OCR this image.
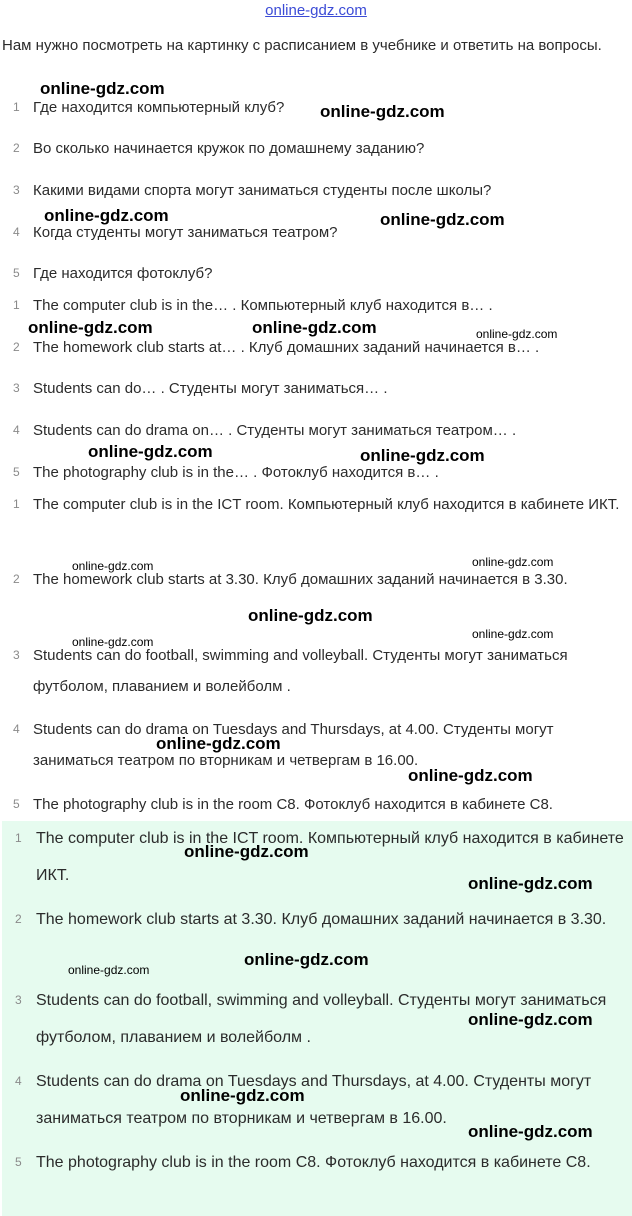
online-gdz.com
Нам нужно посмотреть на картинку с расписанием в учебнике и ответить на вопросы.
1 Где находится компьютерный клуб?
2 Во сколько начинается кружок по домашнему заданию?
3 Какими видами спорта могут заниматься студенты после школы?
4 Когда студенты могут заниматься театром?
5 Где находится фотоклуб?
1 The computer club is in the… . Компьютерный клуб находится в… .
2 The homework club starts at… . Клуб домашних заданий начинается в… .
3 Students can do… . Студенты могут заниматься… .
4 Students can do drama on… . Студенты могут заниматься театром… .
5 The photography club is in the… . Фотоклуб находится в… .
1 The computer club is in the ICT room. Компьютерный клуб находится в кабинете ИКТ.
2 The homework club starts at 3.30. Клуб домашних заданий начинается в 3.30.
3 Students can do football, swimming and volleyball. Студенты могут заниматься футболом, плаванием и волейболм .
4 Students can do drama on Tuesdays and Thursdays, at 4.00. Студенты могут заниматься театром по вторникам и четвергам в 16.00.
5 The photography club is in the room C8. Фотоклуб находится в кабинете C8.
1 The computer club is in the ICT room. Компьютерный клуб находится в кабинете ИКТ.
2 The homework club starts at 3.30. Клуб домашних заданий начинается в 3.30.
3 Students can do football, swimming and volleyball. Студенты могут заниматься футболом, плаванием и волейболм .
4 Students can do drama on Tuesdays and Thursdays, at 4.00. Студенты могут заниматься театром по вторникам и четвергам в 16.00.
5 The photography club is in the room C8. Фотоклуб находится в кабинете C8.
online-gdz.com
online-gdz.com
online-gdz.com	online-gdz.com
online-gdz.com	online-gdz.com	online-gdz.com
online-gdz.com	online-gdz.com
online-gdz.com	online-gdz.com
online-gdz.com
online-gdz.com
online-gdz.com
online-gdz.com
online-gdz.com
online-gdz.com
online-gdz.com
online-gdz.com
online-gdz.com
online-gdz.com
online-gdz.com
online-gdz.com
